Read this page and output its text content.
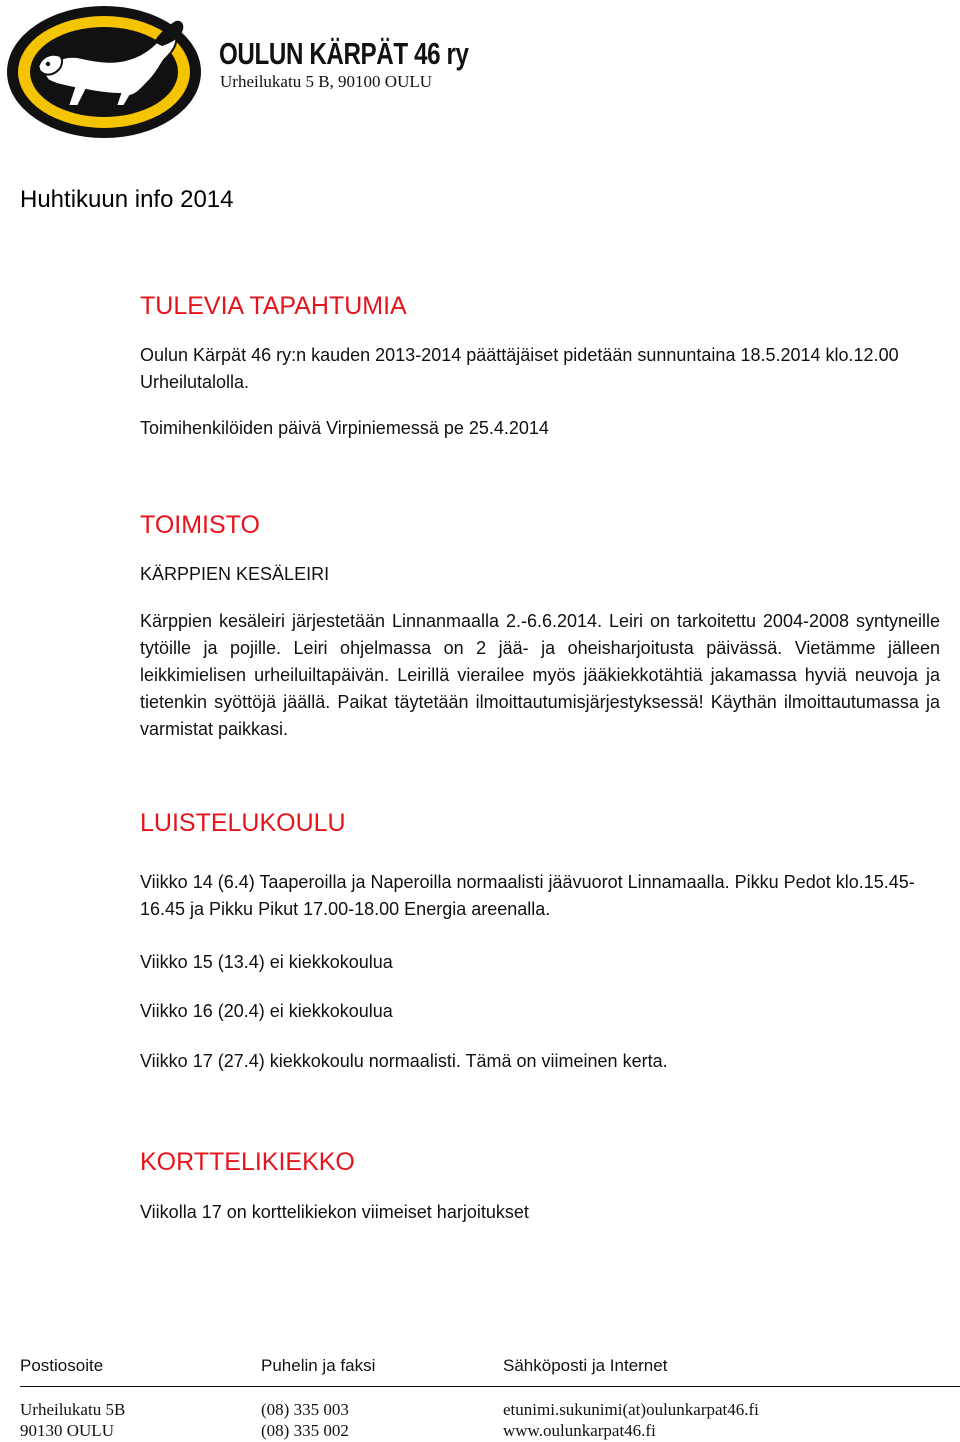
OULUN KÄRPÄT 46 ry
Urheilukatu 5 B, 90100 OULU
Huhtikuun info 2014
TULEVIA TAPAHTUMIA

Oulun Kärpät 46 ry:n kauden 2013-2014 päättäjäiset pidetään sunnuntaina 18.5.2014 klo.12.00 Urheilutalolla.

Toimihenkilöiden päivä Virpiniemessä pe 25.4.2014

TOIMISTO
KÄRPPIEN KESÄLEIRI

Kärppien kesäleiri järjestetään Linnanmaalla 2.-6.6.2014. Leiri on tarkoitettu 2004-2008 syntyneille tytöille ja pojille. Leiri ohjelmassa on 2 jää- ja oheisharjoitusta päivässä. Vietämme jälleen leikkimielisen urheiluiltapäivän. Leirillä vierailee myös jääkiekkotähtiä jakamassa hyviä neuvoja ja tietenkin syöttöjä jäällä. Paikat täytetään ilmoittautumisjärjestyksessä! Käythän ilmoittautumassa ja varmistat paikkasi.

LUISTELUKOULU

Viikko 14 (6.4) Taaperoilla ja Naperoilla normaalisti jäävuorot Linnamaalla. Pikku Pedot klo.15.45-16.45 ja Pikku Pikut 17.00-18.00 Energia areenalla.

Viikko 15 (13.4) ei kiekkokoulua

Viikko 16 (20.4) ei kiekkokoulua

Viikko 17 (27.4) kiekkokoulu normaalisti. Tämä on viimeinen kerta.

KORTTELIKIEKKO

Viikolla 17 on korttelikiekon viimeiset harjoitukset

Postiosoite	Puhelin ja faksi	Sähköposti ja Internet
Urheilukatu 5B
90130 OULU
(08) 335 003
(08) 335 002
etunimi.sukunimi(at)oulunkarpat46.fi
www.oulunkarpat46.fi
